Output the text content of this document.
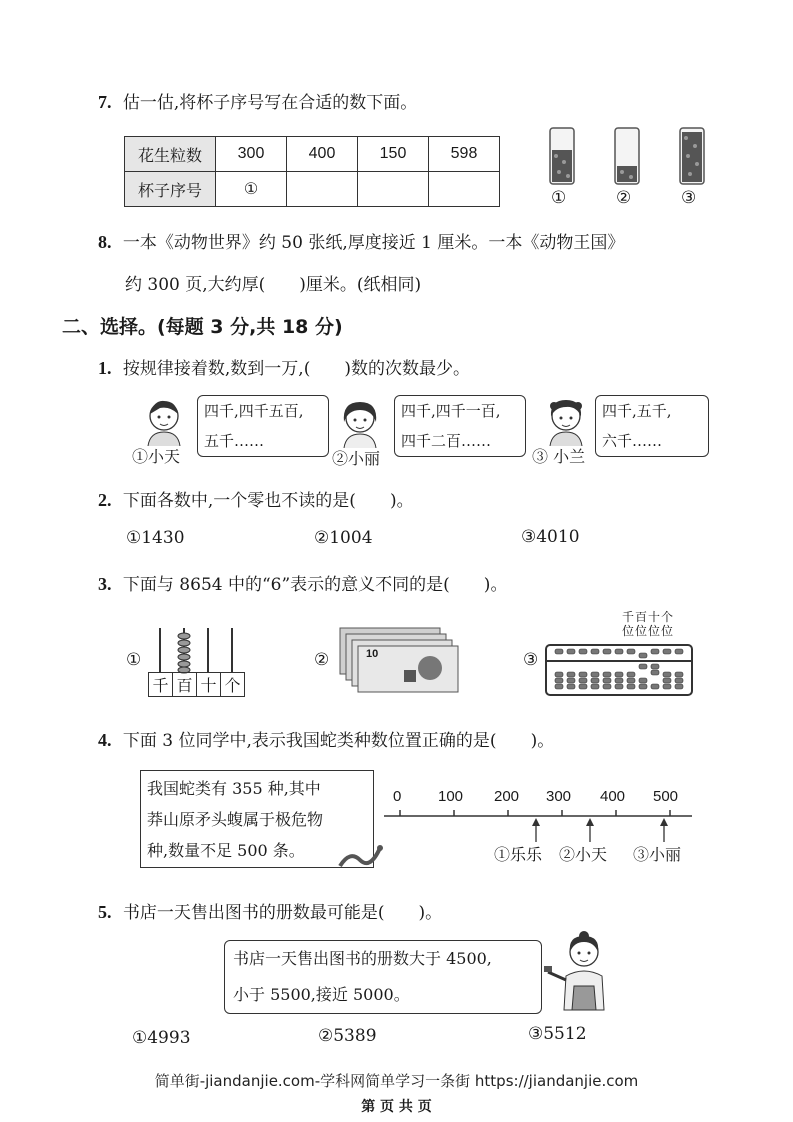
7. 估一估,将杯子序号写在合适的数下面。
花生粒数	300	400	150	598
杯子序号	①				①	②	③
8. 一本《动物世界》约 50 张纸,厚度接近 1 厘米。一本《动物王国》
约 300 页,大约厚(　　)厘米。(纸相同)
二、选择。(每题 3 分,共 18 分)
1. 按规律接着数,数到一万,(　　)数的次数最少。
四千,四千五百,
五千……
四千,四千一百,
四千二百……
四千,五千,
六千……
①小天	②小丽	③ 小兰
2. 下面各数中,一个零也不读的是(　　)。
①1430	②1004	③4010
3. 下面与 8654 中的“6”表示的意义不同的是(　　)。
①
千 百 十 个
②	10	③
千百十个
位位位位
4. 下面 3 位同学中,表示我国蛇类种数位置正确的是(　　)。
我国蛇类有 355 种,其中
莽山原矛头蝮属于极危物
种,数量不足 500 条。
0 100 200 300 400 500
①乐乐 ②小天 ③小丽
5. 书店一天售出图书的册数最可能是(　　)。
书店一天售出图书的册数大于 4500,
小于 5500,接近 5000。
①4993	②5389	③5512
简单街-jiandanjie.com-学科网简单学习一条街 https://jiandanjie.com
第 页 共 页
